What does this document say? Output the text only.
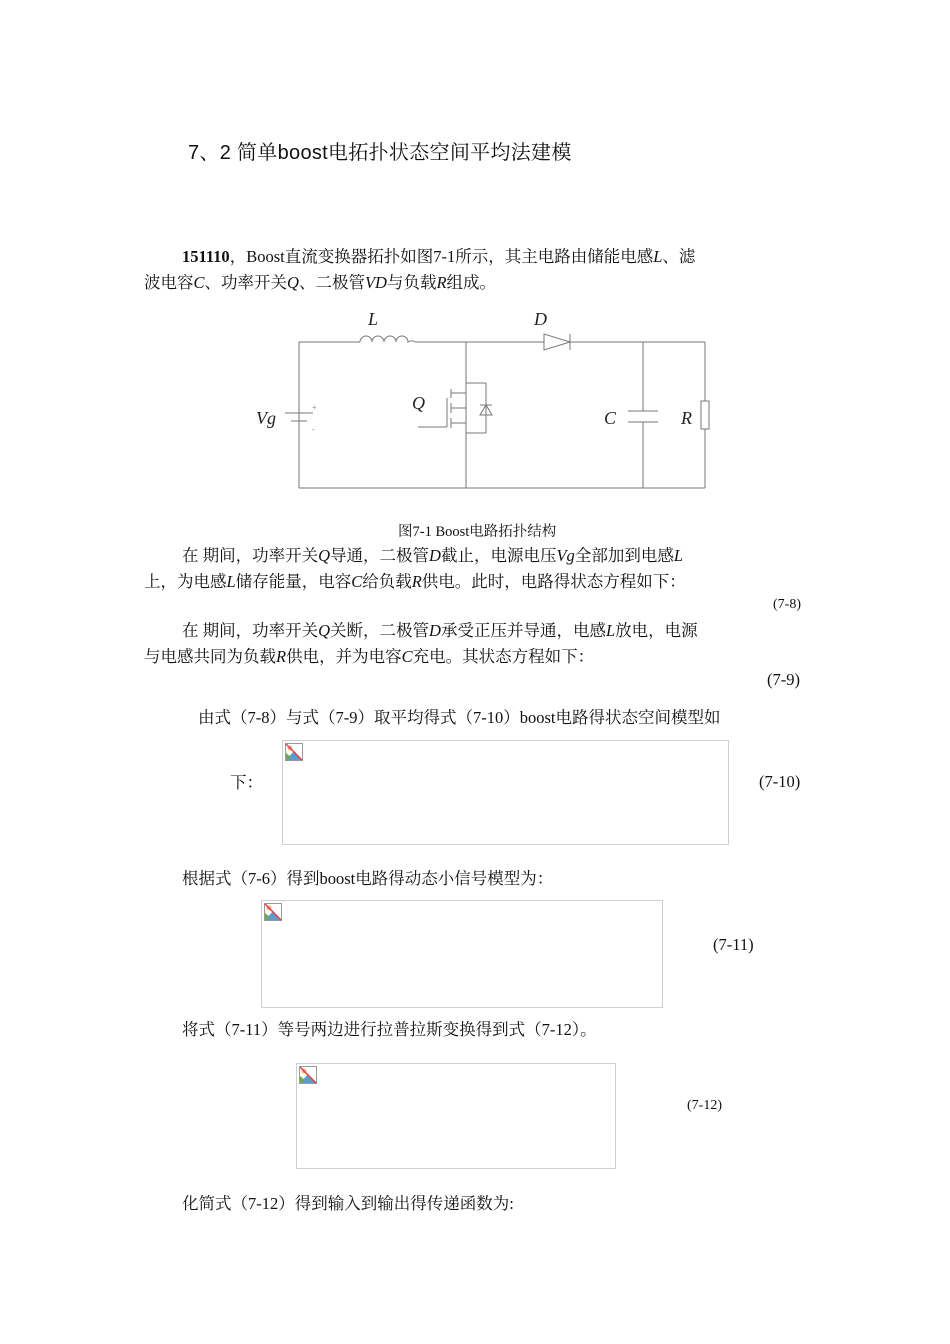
7、2 简单boost电拓扑状态空间平均法建模
151110，Boost直流变换器拓扑如图7-1所示，其主电路由储能电感L、滤
波电容C、功率开关Q、二极管VD与负载R组成。
+
-
L	D
Q
Vg	C	R
图7-1 Boost电路拓扑结构
在 期间，功率开关Q导通，二极管D截止，电源电压Vg全部加到电感L
上，为电感L储存能量，电容C给负载R供电。此时，电路得状态方程如下：
(7-8)
在 期间，功率开关Q关断，二极管D承受正压并导通，电感L放电，电源
与电感共同为负载R供电，并为电容C充电。其状态方程如下：
(7-9)
由式（7-8）与式（7-9）取平均得式（7-10）boost电路得状态空间模型如
下：	(7-10)
根据式（7-6）得到boost电路得动态小信号模型为：
(7-11)
将式（7-11）等号两边进行拉普拉斯变换得到式（7-12）。
(7-12)
化简式（7-12）得到输入到输出得传递函数为:
